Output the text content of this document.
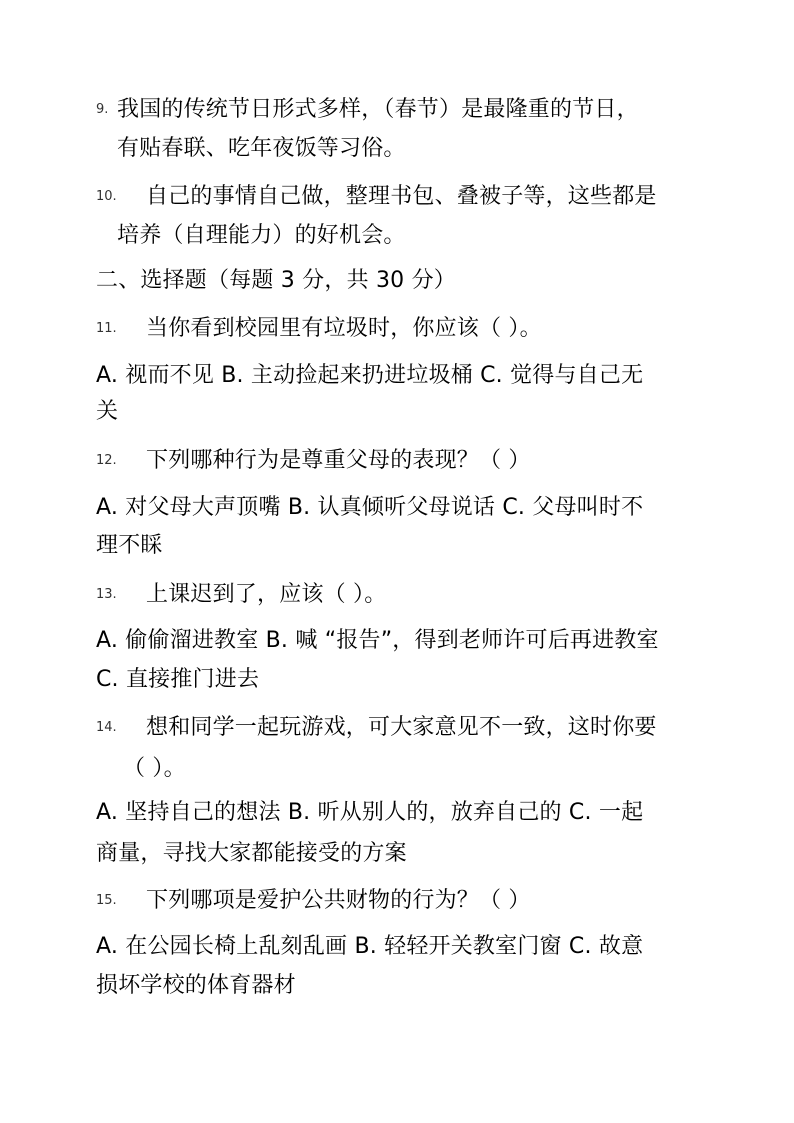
9. 我国的传统节日形式多样，（春节）是最隆重的节日，
有贴春联、吃年夜饭等习俗。
10. 自己的事情自己做，整理书包、叠被子等，这些都是
培养（自理能力）的好机会。
二、选择题（每题 3 分，共 30 分）
11. 当你看到校园里有垃圾时，你应该（ ）。
A. 视而不见 B. 主动捡起来扔进垃圾桶 C. 觉得与自己无
关
12. 下列哪种行为是尊重父母的表现？（ ）
A. 对父母大声顶嘴 B. 认真倾听父母说话 C. 父母叫时不
理不睬
13. 上课迟到了，应该（ ）。
A. 偷偷溜进教室 B. 喊 “报告”，得到老师许可后再进教室
C. 直接推门进去
14. 想和同学一起玩游戏，可大家意见不一致，这时你要
（ ）。
A. 坚持自己的想法 B. 听从别人的，放弃自己的 C. 一起
商量，寻找大家都能接受的方案
15. 下列哪项是爱护公共财物的行为？（ ）
A. 在公园长椅上乱刻乱画 B. 轻轻开关教室门窗 C. 故意
损坏学校的体育器材
